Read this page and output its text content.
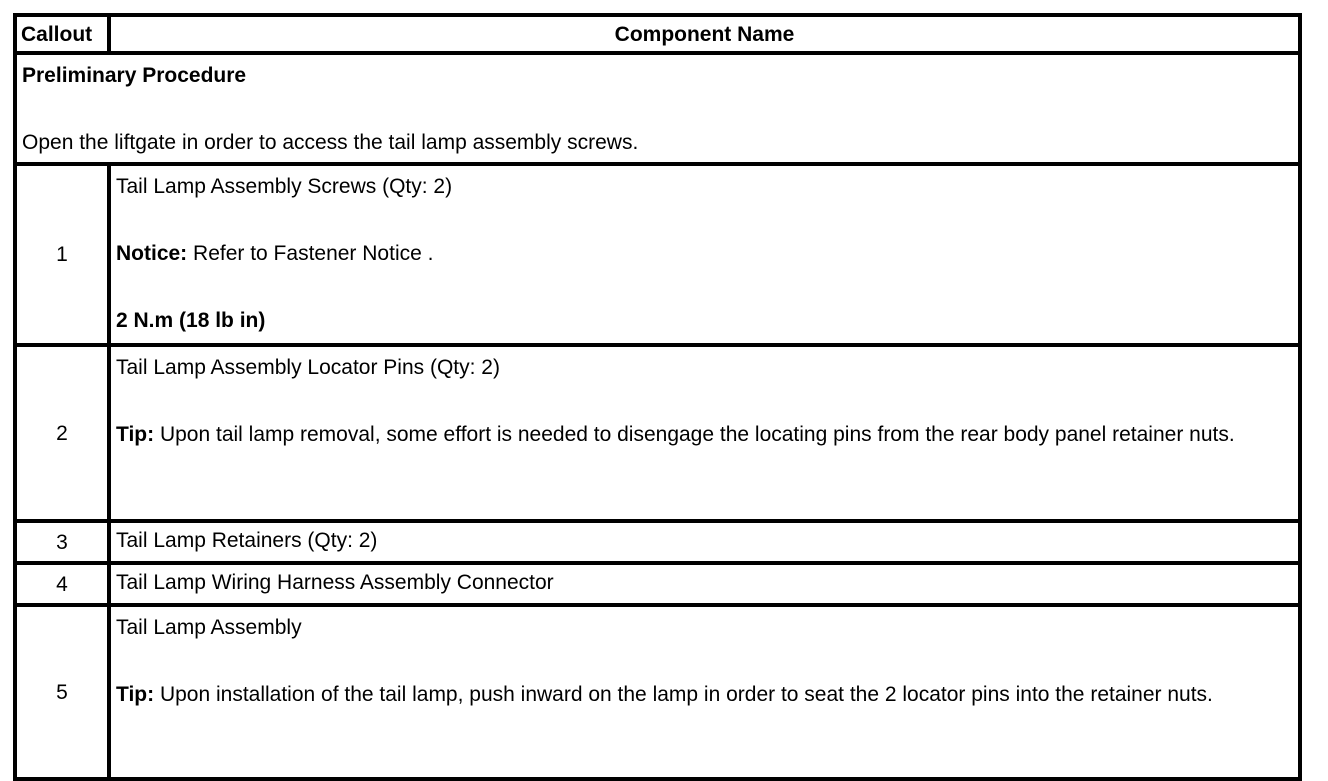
Callout	Component Name

Preliminary Procedure
Open the liftgate in order to access the tail lamp assembly screws.	

1	Tail Lamp Assembly Screws (Qty: 2)
Notice: Refer to Fastener Notice .
2 N.m (18 lb in)

2	Tail Lamp Assembly Locator Pins (Qty: 2)
Tip: Upon tail lamp removal, some effort is needed to disengage the locating pins from the rear body panel retainer nuts.

3	Tail Lamp Retainers (Qty: 2)

4	Tail Lamp Wiring Harness Assembly Connector

5	Tail Lamp Assembly
Tip: Upon installation of the tail lamp, push inward on the lamp in order to seat the 2 locator pins into the retainer nuts.
